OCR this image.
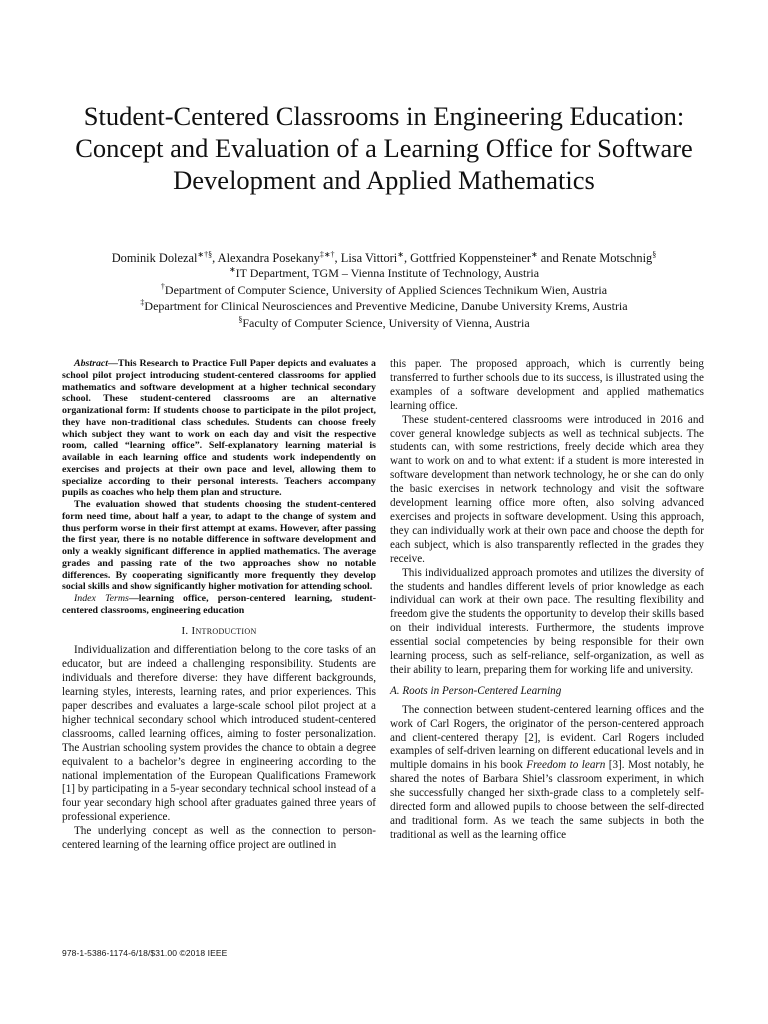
Student-Centered Classrooms in Engineering Education: Concept and Evaluation of a Learning Office for Software Development and Applied Mathematics
Dominik Dolezal∗†§, Alexandra Posekany‡∗†, Lisa Vittori∗, Gottfried Koppensteiner∗ and Renate Motschnig§
∗IT Department, TGM – Vienna Institute of Technology, Austria
†Department of Computer Science, University of Applied Sciences Technikum Wien, Austria
‡Department for Clinical Neurosciences and Preventive Medicine, Danube University Krems, Austria
§Faculty of Computer Science, University of Vienna, Austria

Abstract—This Research to Practice Full Paper depicts and evaluates a school pilot project introducing student-centered classrooms for applied mathematics and software development at a higher technical secondary school. These student-centered classrooms are an alternative organizational form: If students choose to participate in the pilot project, they have non-traditional class schedules. Students can choose freely which subject they want to work on each day and visit the respective room, called “learning office”. Self-explanatory learning material is available in each learning office and students work independently on exercises and projects at their own pace and level, allowing them to specialize according to their personal interests. Teachers accompany pupils as coaches who help them plan and structure.

The evaluation showed that students choosing the student-centered form need time, about half a year, to adapt to the change of system and thus perform worse in their first attempt at exams. However, after passing the first year, there is no notable difference in software development and only a weakly significant difference in applied mathematics. The average grades and passing rate of the two approaches show no notable differences. By cooperating significantly more frequently they develop social skills and show significantly higher motivation for attending school.

Index Terms—learning office, person-centered learning, student-centered classrooms, engineering education

I. Introduction

Individualization and differentiation belong to the core tasks of an educator, but are indeed a challenging responsibility. Students are individuals and therefore diverse: they have different backgrounds, learning styles, interests, learning rates, and prior experiences. This paper describes and evaluates a large-scale school pilot project at a higher technical secondary school which introduced student-centered classrooms, called learning offices, aiming to foster personalization. The Austrian schooling system provides the chance to obtain a degree equivalent to a bachelor’s degree in engineering according to the national implementation of the European Qualifications Framework [1] by participating in a 5-year secondary technical school instead of a four year secondary high school after graduates gained three years of professional experience.

The underlying concept as well as the connection to person-centered learning of the learning office project are outlined in

this paper. The proposed approach, which is currently being transferred to further schools due to its success, is illustrated using the examples of a software development and applied mathematics learning office.

These student-centered classrooms were introduced in 2016 and cover general knowledge subjects as well as technical subjects. The students can, with some restrictions, freely decide which area they want to work on and to what extent: if a student is more interested in software development than network technology, he or she can do only the basic exercises in network technology and visit the software development learning office more often, also solving advanced exercises and projects in software development. Using this approach, they can individually work at their own pace and choose the depth for each subject, which is also transparently reflected in the grades they receive.

This individualized approach promotes and utilizes the diversity of the students and handles different levels of prior knowledge as each individual can work at their own pace. The resulting flexibility and freedom give the students the opportunity to develop their skills based on their individual interests. Furthermore, the students improve essential social competencies by being responsible for their own learning process, such as self-reliance, self-organization, as well as their ability to learn, preparing them for working life and university.

A. Roots in Person-Centered Learning

The connection between student-centered learning offices and the work of Carl Rogers, the originator of the person-centered approach and client-centered therapy [2], is evident. Carl Rogers included examples of self-driven learning on different educational levels and in multiple domains in his book Freedom to learn [3]. Most notably, he shared the notes of Barbara Shiel’s classroom experiment, in which she successfully changed her sixth-grade class to a completely self-directed form and allowed pupils to choose between the self-directed and traditional form. As we teach the same subjects in both the traditional as well as the learning office

978-1-5386-1174-6/18/$31.00 ©2018 IEEE
